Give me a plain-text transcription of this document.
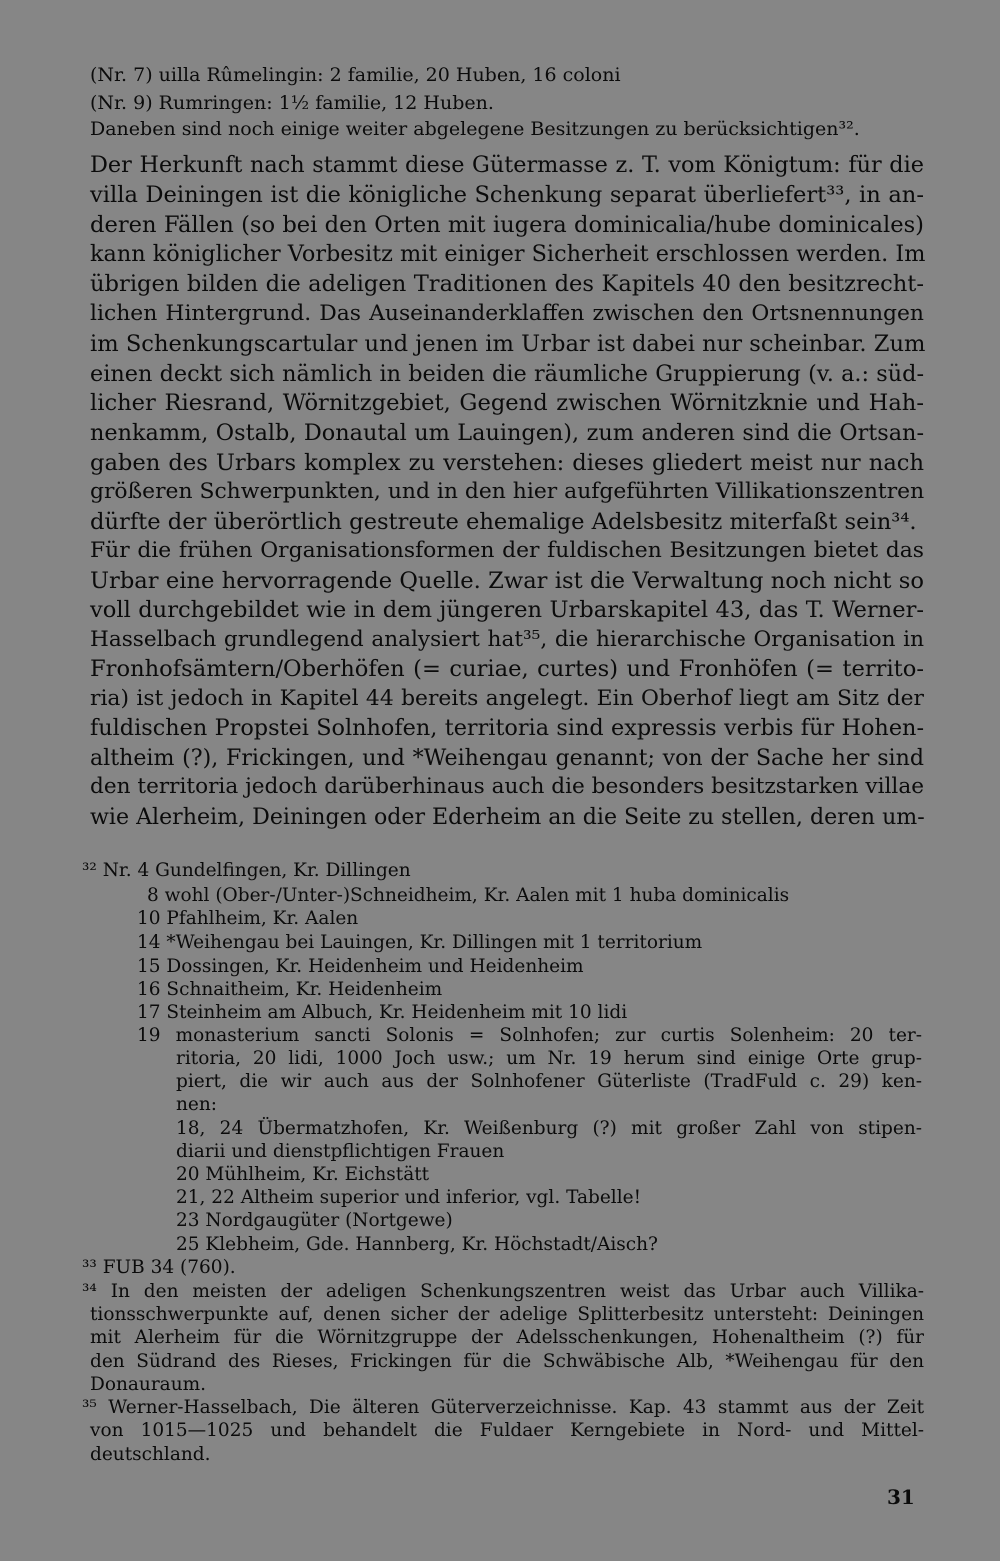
(Nr. 7) uilla Rûmelingin: 2 familie, 20 Huben, 16 coloni
(Nr. 9) Rumringen: 1½ familie, 12 Huben.
Daneben sind noch einige weiter abgelegene Besitzungen zu berücksichtigen³².
Der Herkunft nach stammt diese Gütermasse z. T. vom Königtum: für die
villa Deiningen ist die königliche Schenkung separat überliefert³³, in an-
deren Fällen (so bei den Orten mit iugera dominicalia/hube dominicales)
kann königlicher Vorbesitz mit einiger Sicherheit erschlossen werden. Im
übrigen bilden die adeligen Traditionen des Kapitels 40 den besitzrecht-
lichen Hintergrund. Das Auseinanderklaffen zwischen den Ortsnennungen
im Schenkungscartular und jenen im Urbar ist dabei nur scheinbar. Zum
einen deckt sich nämlich in beiden die räumliche Gruppierung (v. a.: süd-
licher Riesrand, Wörnitzgebiet, Gegend zwischen Wörnitzknie und Hah-
nenkamm, Ostalb, Donautal um Lauingen), zum anderen sind die Ortsan-
gaben des Urbars komplex zu verstehen: dieses gliedert meist nur nach
größeren Schwerpunkten, und in den hier aufgeführten Villikationszentren
dürfte der überörtlich gestreute ehemalige Adelsbesitz miterfaßt sein³⁴.
Für die frühen Organisationsformen der fuldischen Besitzungen bietet das
Urbar eine hervorragende Quelle. Zwar ist die Verwaltung noch nicht so
voll durchgebildet wie in dem jüngeren Urbarskapitel 43, das T. Werner-
Hasselbach grundlegend analysiert hat³⁵, die hierarchische Organisation in
Fronhofsämtern/Oberhöfen (= curiae, curtes) und Fronhöfen (= territo-
ria) ist jedoch in Kapitel 44 bereits angelegt. Ein Oberhof liegt am Sitz der
fuldischen Propstei Solnhofen, territoria sind expressis verbis für Hohen-
altheim (?), Frickingen, und *Weihengau genannt; von der Sache her sind
den territoria jedoch darüberhinaus auch die besonders besitzstarken villae
wie Alerheim, Deiningen oder Ederheim an die Seite zu stellen, deren um-
³² Nr. 4 Gundelfingen, Kr. Dillingen
8 wohl (Ober-/Unter-)Schneidheim, Kr. Aalen mit 1 huba dominicalis
10 Pfahlheim, Kr. Aalen
14 *Weihengau bei Lauingen, Kr. Dillingen mit 1 territorium
15 Dossingen, Kr. Heidenheim und Heidenheim
16 Schnaitheim, Kr. Heidenheim
17 Steinheim am Albuch, Kr. Heidenheim mit 10 lidi
19 monasterium sancti Solonis = Solnhofen; zur curtis Solenheim: 20 ter-
ritoria, 20 lidi, 1000 Joch usw.; um Nr. 19 herum sind einige Orte grup-
piert, die wir auch aus der Solnhofener Güterliste (TradFuld c. 29) ken-
nen:
18, 24 Übermatzhofen, Kr. Weißenburg (?) mit großer Zahl von stipen-
diarii und dienstpflichtigen Frauen
20 Mühlheim, Kr. Eichstätt
21, 22 Altheim superior und inferior, vgl. Tabelle!
23 Nordgaugüter (Nortgewe)
25 Klebheim, Gde. Hannberg, Kr. Höchstadt/Aisch?
³³ FUB 34 (760).
³⁴ In den meisten der adeligen Schenkungszentren weist das Urbar auch Villika-
tionsschwerpunkte auf, denen sicher der adelige Splitterbesitz untersteht: Deiningen
mit Alerheim für die Wörnitzgruppe der Adelsschenkungen, Hohenaltheim (?) für
den Südrand des Rieses, Frickingen für die Schwäbische Alb, *Weihengau für den
Donauraum.
³⁵ Werner-Hasselbach, Die älteren Güterverzeichnisse. Kap. 43 stammt aus der Zeit
von 1015—1025 und behandelt die Fuldaer Kerngebiete in Nord- und Mittel-
deutschland.
31
